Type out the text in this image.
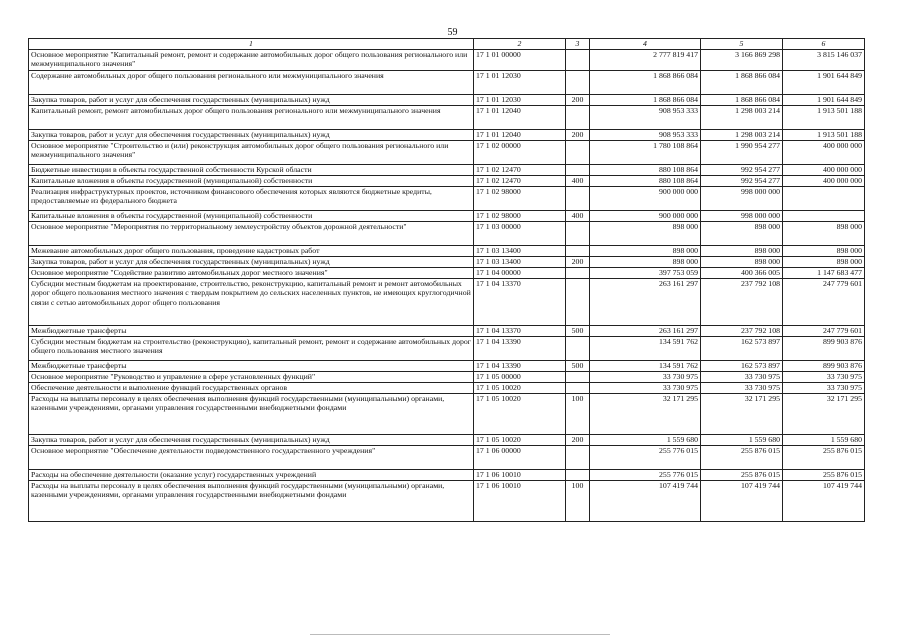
59
1	2	3	4	5	6
Основное мероприятие "Капитальный ремонт, ремонт и содержание автомобильных дорог общего пользования регионального или межмуниципального значения"	17 1 01 00000		2 777 819 417	3 166 869 298	3 815 146 037
Содержание автомобильных дорог общего пользования регионального или межмуниципального значения	17 1 01 12030		1 868 866 084	1 868 866 084	1 901 644 849
Закупка товаров, работ и услуг для обеспечения государственных (муниципальных) нужд	17 1 01 12030	200	1 868 866 084	1 868 866 084	1 901 644 849
Капитальный ремонт, ремонт автомобильных дорог общего пользования регионального или межмуниципального значения	17 1 01 12040		908 953 333	1 298 003 214	1 913 501 188
Закупка товаров, работ и услуг для обеспечения государственных (муниципальных) нужд	17 1 01 12040	200	908 953 333	1 298 003 214	1 913 501 188
Основное мероприятие "Строительство и (или) реконструкция автомобильных дорог общего пользования регионального или межмуниципального значения"	17 1 02 00000		1 780 108 864	1 990 954 277	400 000 000
Бюджетные инвестиции в объекты государственной собственности Курской области	17 1 02 12470		880 108 864	992 954 277	400 000 000
Капитальные вложения в объекты государственной (муниципальной) собственности	17 1 02 12470	400	880 108 864	992 954 277	400 000 000
Реализация инфраструктурных проектов, источником финансового обеспечения которых являются бюджетные кредиты, предоставляемые из федерального бюджета	17 1 02 98000		900 000 000	998 000 000	
Капитальные вложения в объекты государственной (муниципальной) собственности	17 1 02 98000	400	900 000 000	998 000 000	
Основное мероприятие "Мероприятия по территориальному землеустройству объектов дорожной деятельности"	17 1 03 00000		898 000	898 000	898 000
Межевание автомобильных дорог общего пользования, проведение кадастровых работ	17 1 03 13400		898 000	898 000	898 000
Закупка товаров, работ и услуг для обеспечения государственных (муниципальных) нужд	17 1 03 13400	200	898 000	898 000	898 000
Основное мероприятие "Содействие развитию автомобильных дорог местного значения"	17 1 04 00000		397 753 059	400 366 005	1 147 683 477
Субсидии местным бюджетам на проектирование, строительство, реконструкцию, капитальный ремонт и ремонт автомобильных дорог общего пользования местного значения с твердым покрытием до сельских населенных пунктов, не имеющих круглогодичной связи с сетью автомобильных дорог общего пользования	17 1 04 13370		263 161 297	237 792 108	247 779 601
Межбюджетные трансферты	17 1 04 13370	500	263 161 297	237 792 108	247 779 601
Субсидии местным бюджетам на строительство (реконструкцию), капитальный ремонт, ремонт и содержание автомобильных дорог общего пользования местного значения	17 1 04 13390		134 591 762	162 573 897	899 903 876
Межбюджетные трансферты	17 1 04 13390	500	134 591 762	162 573 897	899 903 876
Основное мероприятие "Руководство и управление в сфере установленных функций"	17 1 05 00000		33 730 975	33 730 975	33 730 975
Обеспечение деятельности и выполнение функций государственных органов	17 1 05 10020		33 730 975	33 730 975	33 730 975
Расходы на выплаты персоналу в целях обеспечения выполнения функций государственными (муниципальными) органами, казенными учреждениями, органами управления государственными внебюджетными фондами	17 1 05 10020	100	32 171 295	32 171 295	32 171 295
Закупка товаров, работ и услуг для обеспечения государственных (муниципальных) нужд	17 1 05 10020	200	1 559 680	1 559 680	1 559 680
Основное мероприятие "Обеспечение деятельности подведомственного государственного учреждения"	17 1 06 00000		255 776 015	255 876 015	255 876 015
Расходы на обеспечение деятельности (оказание услуг) государственных учреждений	17 1 06 10010		255 776 015	255 876 015	255 876 015
Расходы на выплаты персоналу в целях обеспечения выполнения функций государственными (муниципальными) органами, казенными учреждениями, органами управления государственными внебюджетными фондами	17 1 06 10010	100	107 419 744	107 419 744	107 419 744
